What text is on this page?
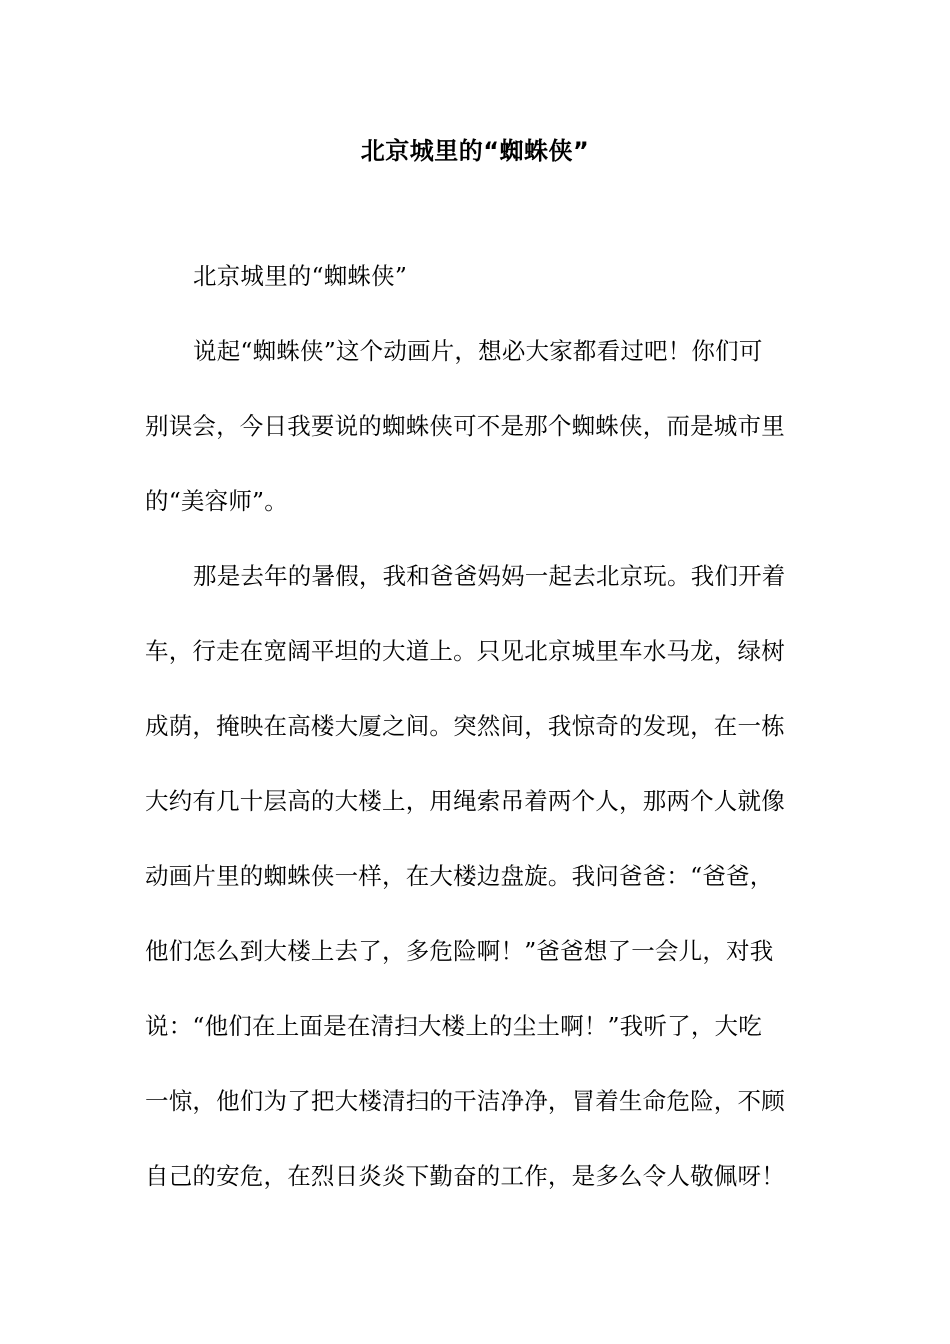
北京城里的“蜘蛛侠”
北京城里的“蜘蛛侠”
说起“蜘蛛侠”这个动画片，想必大家都看过吧！你们可
别误会，今日我要说的蜘蛛侠可不是那个蜘蛛侠，而是城市里
的“美容师”。
那是去年的暑假，我和爸爸妈妈一起去北京玩。我们开着
车，行走在宽阔平坦的大道上。只见北京城里车水马龙，绿树
成荫，掩映在高楼大厦之间。突然间，我惊奇的发现，在一栋
大约有几十层高的大楼上，用绳索吊着两个人，那两个人就像
动画片里的蜘蛛侠一样，在大楼边盘旋。我问爸爸：“爸爸，
他们怎么到大楼上去了，多危险啊！”爸爸想了一会儿，对我
说：“他们在上面是在清扫大楼上的尘土啊！”我听了，大吃
一惊，他们为了把大楼清扫的干洁净净，冒着生命危险，不顾
自己的安危，在烈日炎炎下勤奋的工作，是多么令人敬佩呀！
